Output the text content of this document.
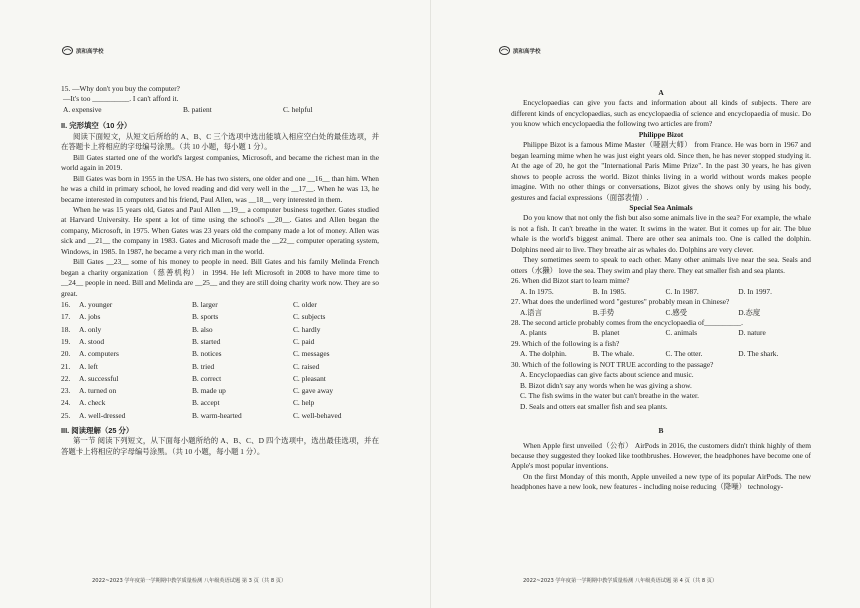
滨和高学校

15. —Why don't you buy the computer?

—It's too __________. I can't afford it.

A. expensive	B. patient	C. helpful

II. 完形填空（10 分）

阅读下面短文，从短文后所给的 A、B、C 三个选项中选出能填入相应空白处的最佳选项，并在答题卡上将相应的字母编号涂黑。（共 10 小题，每小题 1 分）。

Bill Gates started one of the world's largest companies, Microsoft, and became the richest man in the world again in 2019.

Bill Gates was born in 1955 in the USA. He has two sisters, one older and one __16__ than him. When he was a child in primary school, he loved reading and did very well in the __17__. When he was 13, he became interested in computers and his friend, Paul Allen, was __18__ very interested in them.

When he was 15 years old, Gates and Paul Allen __19__ a computer business together. Gates studied at Harvard University. He spent a lot of time using the school's __20__. Gates and Allen began the company, Microsoft, in 1975. When Gates was 23 years old the company made a lot of money. Allen was sick and __21__ the company in 1983. Gates and Microsoft made the __22__ computer operating system, Windows, in 1985. In 1987, he became a very rich man in the world.

Bill Gates __23__ some of his money to people in need. Bill Gates and his family Melinda French began a charity organization（慈善机构） in 1994. He left Microsoft in 2008 to have more time to __24__ people in need. Bill and Melinda are __25__ and they are still doing charity work now. They are so great.

16.	A. younger	B. larger	C. older
17.	A. jobs	B. sports	C. subjects
18.	A. only	B. also	C. hardly
19.	A. stood	B. started	C. paid
20.	A. computers	B. notices	C. messages
21.	A. left	B. tried	C. raised
22.	A. successful	B. correct	C. pleasant
23.	A. turned on	B. made up	C. gave away
24.	A. check	B. accept	C. help
25.	A. well-dressed	B. warm-hearted	C. well-behaved

III. 阅读理解（25 分）

第一节 阅读下列短文，从下面每小题所给的 A、B、C、D 四个选项中，选出最佳选项，并在答题卡上将相应的字母编号涂黑。（共 10 小题，每小题 1 分）。

2022~2023 学年度第一学期期中教学质量检测 八年级英语试题 第 3 页（共 8 页）
滨和高学校

A

Encyclopaedias can give you facts and information about all kinds of subjects. There are different kinds of encyclopaedias, such as encyclopaedia of science and encyclopaedia of music. Do you know which encyclopaedia the following two articles are from?

Philippe Bizot

Philippe Bizot is a famous Mime Master（哑剧大师） from France. He was born in 1967 and began learning mime when he was just eight years old. Since then, he has never stopped studying it. At the age of 20, he got the "International Paris Mime Prize". In the past 30 years, he has given shows to people across the world. Bizot thinks living in a world without words makes people imagine. With no other things or conversations, Bizot gives the shows only by using his body, gestures and facial expressions（面部表情）.

Special Sea Animals

Do you know that not only the fish but also some animals live in the sea? For example, the whale is not a fish. It can't breathe in the water. It swims in the water. But it comes up for air. The blue whale is the world's biggest animal. There are other sea animals too. One is called the dolphin. Dolphins need air to live. They breathe air as whales do. Dolphins are very clever.

They sometimes seem to speak to each other. Many other animals live near the sea. Seals and otters（水獭） love the sea. They swim and play there. They eat smaller fish and sea plants.

26. When did Bizot start to learn mime?

A. In 1975.	B. In 1985.	C. In 1987.	D. In 1997.

27. What does the underlined word "gestures" probably mean in Chinese?

A.语言	B.手势	C.感受	D.态度

28. The second article probably comes from the encyclopaedia of__________.

A. plants	B. planet	C. animals	D. nature

29. Which of the following is a fish?

A. The dolphin.	B. The whale.	C. The otter.	D. The shark.

30. Which of the following is NOT TRUE according to the passage?

A. Encyclopaedias can give facts about science and music.

B. Bizot didn't say any words when he was giving a show.

C. The fish swims in the water but can't breathe in the water.

D. Seals and otters eat smaller fish and sea plants.

B

When Apple first unveiled（公布） AirPods in 2016, the customers didn't think highly of them because they suggested they looked like toothbrushes. However, the headphones have become one of Apple's most popular inventions.

On the first Monday of this month, Apple unveiled a new type of its popular AirPods. The new headphones have a new look, new features - including noise reducing（降噪） technology-

2022~2023 学年度第一学期期中教学质量检测 八年级英语试题 第 4 页（共 8 页）
